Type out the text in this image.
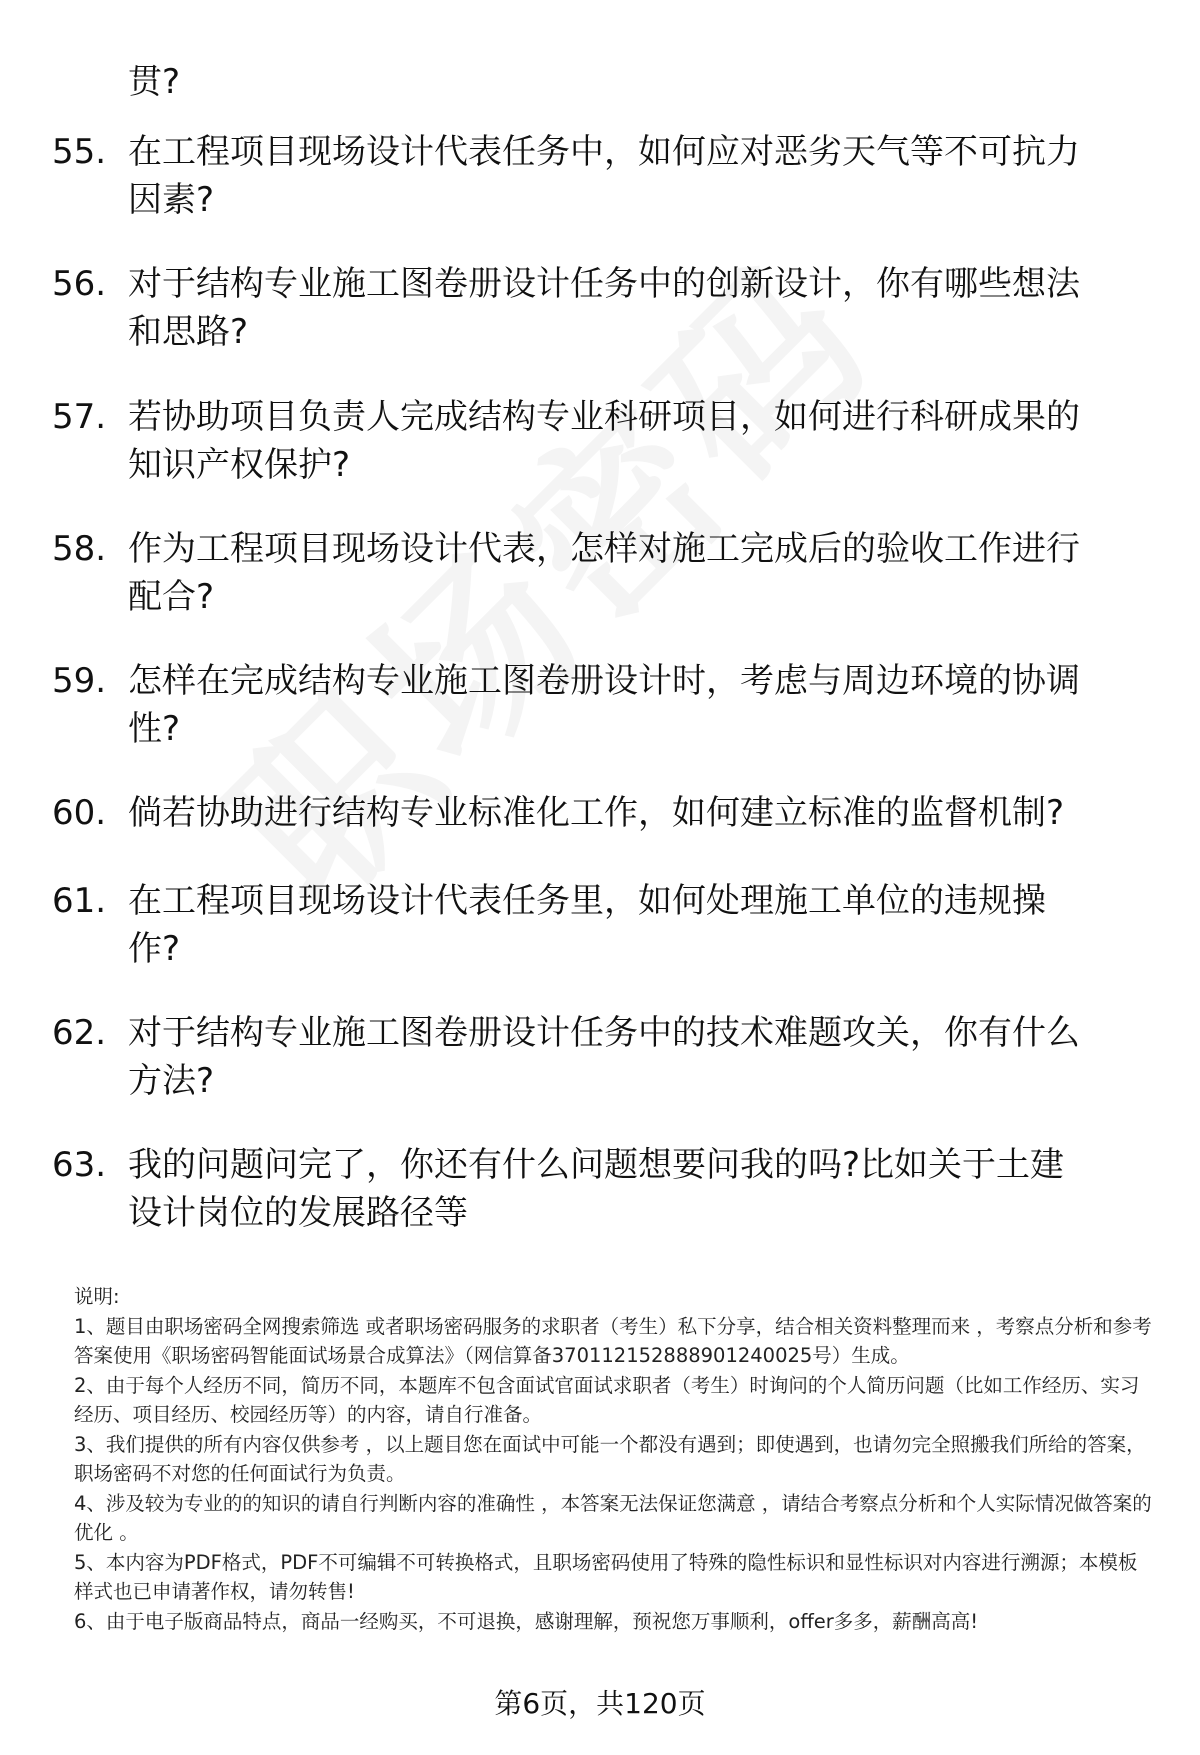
贯?
55. 在工程项目现场设计代表任务中，如何应对恶劣天气等不可抗力
因素?
56. 对于结构专业施工图卷册设计任务中的创新设计，你有哪些想法
和思路?
57. 若协助项目负责人完成结构专业科研项目，如何进行科研成果的
知识产权保护?
58. 作为工程项目现场设计代表，怎样对施工完成后的验收工作进行
配合?
59. 怎样在完成结构专业施工图卷册设计时，考虑与周边环境的协调
性?
60. 倘若协助进行结构专业标准化工作，如何建立标准的监督机制?
61. 在工程项目现场设计代表任务里，如何处理施工单位的违规操
作?
62. 对于结构专业施工图卷册设计任务中的技术难题攻关，你有什么
方法?
63. 我的问题问完了，你还有什么问题想要问我的吗?比如关于土建
设计岗位的发展路径等

说明:

1、题目由职场密码全网搜索筛选 或者职场密码服务的求职者（考生）私下分享，结合相关资料整理而来 ，考察点分析和参考答案使用《职场密码智能面试场景合成算法》（网信算备370112152888901240025号）生成。

2、由于每个人经历不同，简历不同，本题库不包含面试官面试求职者（考生）时询问的个人简历问题（比如工作经历、实习经历、项目经历、校园经历等）的内容，请自行准备。

3、我们提供的所有内容仅供参考 ，以上题目您在面试中可能一个都没有遇到；即使遇到，也请勿完全照搬我们所给的答案，职场密码不对您的任何面试行为负责。

4、涉及较为专业的的知识的请自行判断内容的准确性 ，本答案无法保证您满意 ，请结合考察点分析和个人实际情况做答案的优化 。

5、本内容为PDF格式，PDF不可编辑不可转换格式，且职场密码使用了特殊的隐性标识和显性标识对内容进行溯源；本模板样式也已申请著作权，请勿转售!

6、由于电子版商品特点，商品一经购买，不可退换，感谢理解，预祝您万事顺利，offer多多，薪酬高高!

第6页，共120页
